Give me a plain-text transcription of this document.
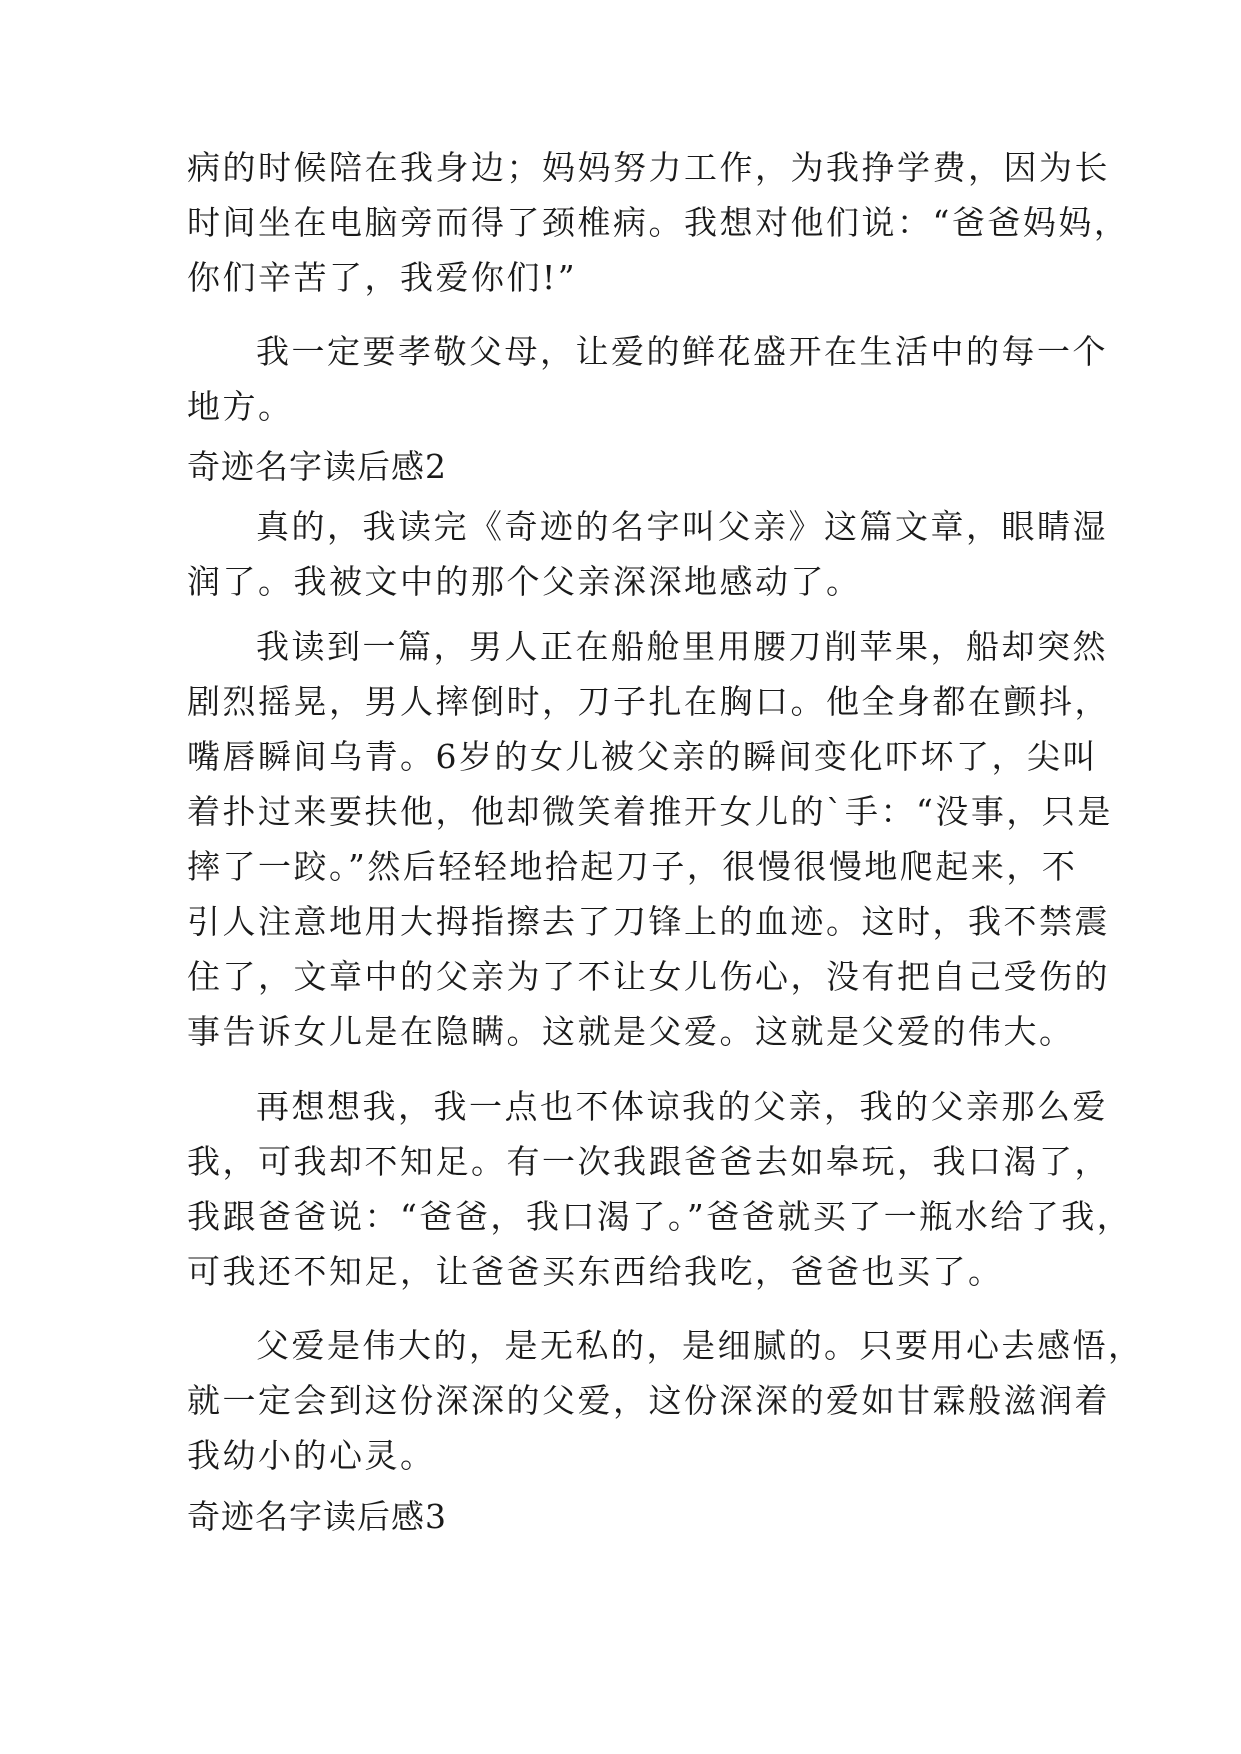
病的时候陪在我身边；妈妈努力工作，为我挣学费，因为长

时间坐在电脑旁而得了颈椎病。我想对他们说：“爸爸妈妈，

你们辛苦了，我爱你们!”

我一定要孝敬父母，让爱的鲜花盛开在生活中的每一个

地方。

奇迹名字读后感2

真的，我读完《奇迹的名字叫父亲》这篇文章，眼睛湿

润了。我被文中的那个父亲深深地感动了。

我读到一篇，男人正在船舱里用腰刀削苹果，船却突然

剧烈摇晃，男人摔倒时，刀子扎在胸口。他全身都在颤抖，

嘴唇瞬间乌青。6岁的女儿被父亲的瞬间变化吓坏了，尖叫

着扑过来要扶他，他却微笑着推开女儿的`手：“没事，只是

摔了一跤。”然后轻轻地拾起刀子，很慢很慢地爬起来，不

引人注意地用大拇指擦去了刀锋上的血迹。这时，我不禁震

住了，文章中的父亲为了不让女儿伤心，没有把自己受伤的

事告诉女儿是在隐瞒。这就是父爱。这就是父爱的伟大。

再想想我，我一点也不体谅我的父亲，我的父亲那么爱

我，可我却不知足。有一次我跟爸爸去如皋玩，我口渴了，

我跟爸爸说：“爸爸，我口渴了。”爸爸就买了一瓶水给了我，

可我还不知足，让爸爸买东西给我吃，爸爸也买了。

父爱是伟大的，是无私的，是细腻的。只要用心去感悟，

就一定会到这份深深的父爱，这份深深的爱如甘霖般滋润着

我幼小的心灵。

奇迹名字读后感3
